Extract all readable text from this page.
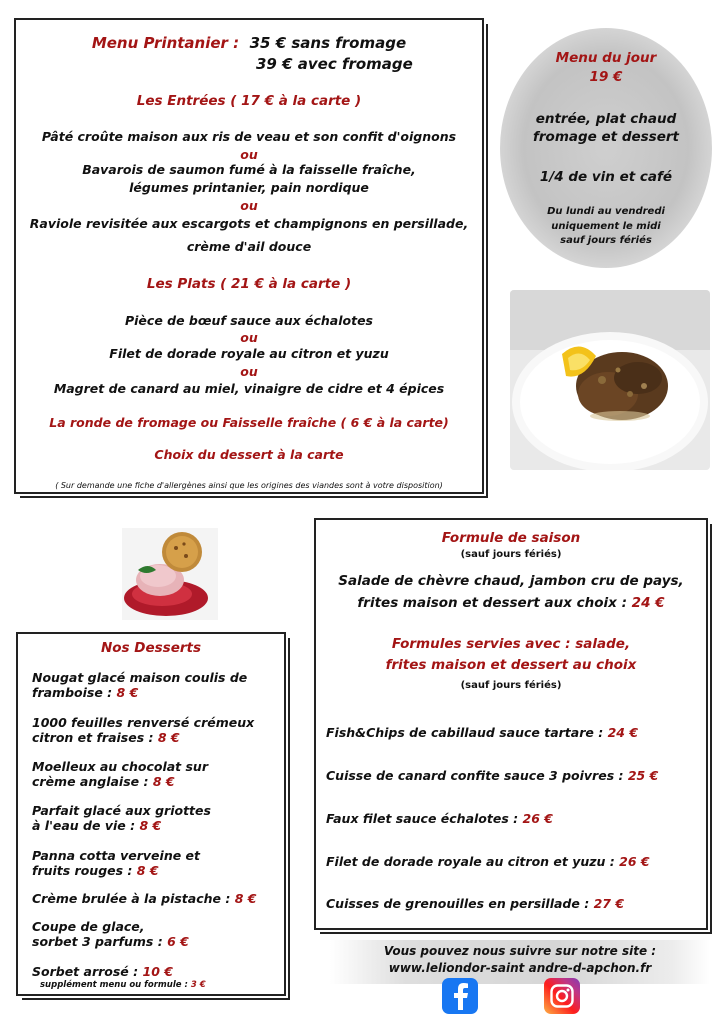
Menu Printanier : 35 € sans fromage
39 € avec fromage
Les Entrées ( 17 € à la carte )
Pâté croûte maison aux ris de veau et son confit d'oignons
ou
Bavarois de saumon fumé à la faisselle fraîche,
légumes printanier, pain nordique
ou
Raviole revisitée aux escargots et champignons en persillade,
crème d'ail douce
Les Plats ( 21 € à la carte )
Pièce de bœuf sauce aux échalotes
ou
Filet de dorade royale au citron et yuzu
ou
Magret de canard au miel, vinaigre de cidre et 4 épices
La ronde de fromage ou Faisselle fraîche ( 6 € à la carte)
Choix du dessert à la carte
( Sur demande une fiche d'allergènes ainsi que les origines des viandes sont à votre disposition)
Menu du jour
19 €
entrée, plat chaud
fromage et dessert
1/4 de vin et café
Du lundi au vendredi
uniquement le midi
sauf jours fériés
Formule de saison
(sauf jours fériés)
Salade de chèvre chaud, jambon cru de pays,
frites maison et dessert aux choix : 24 €
Formules servies avec : salade,
frites maison et dessert au choix
(sauf jours fériés)
Fish&Chips de cabillaud sauce tartare : 24 €
Cuisse de canard confite sauce 3 poivres : 25 €
Faux filet sauce échalotes : 26 €
Filet de dorade royale au citron et yuzu : 26 €
Cuisses de grenouilles en persillade : 27 €
Nos Desserts
Nougat glacé maison coulis de
framboise : 8 €
1000 feuilles renversé crémeux
citron et fraises : 8 €
Moelleux au chocolat sur
crème anglaise : 8 €
Parfait glacé aux griottes
à l'eau de vie : 8 €
Panna cotta verveine et
fruits rouges : 8 €
Crème brulée à la pistache : 8 €
Coupe de glace,
sorbet 3 parfums : 6 €
Sorbet arrosé : 10 €
supplément menu ou formule : 3 €
Vous pouvez nous suivre sur notre site :
www.leliondor-saint andre-d-apchon.fr
